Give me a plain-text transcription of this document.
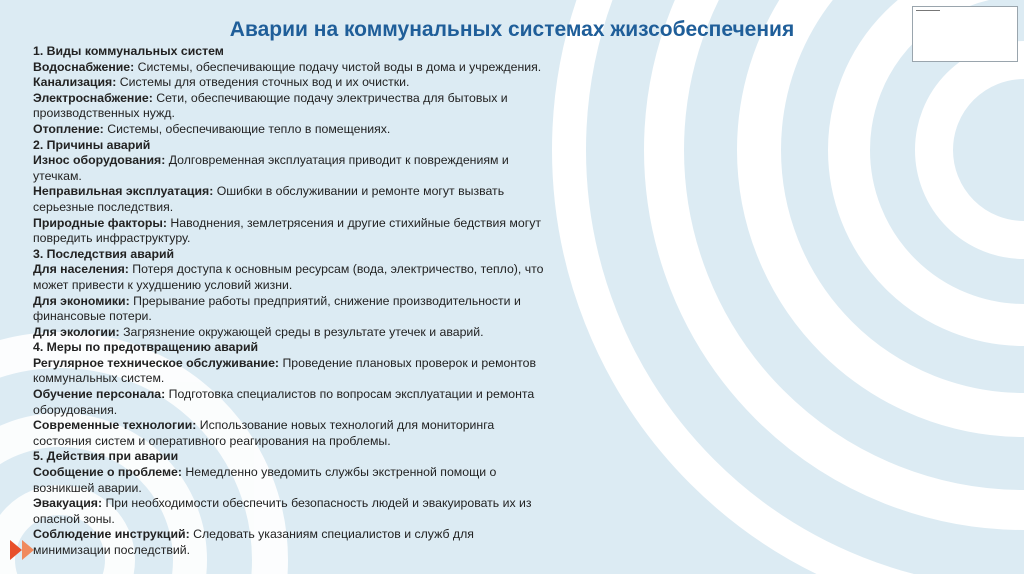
Аварии на коммунальных системах жизсобеспечения

1. Виды коммунальных систем

Водоснабжение: Системы, обеспечивающие подачу чистой воды в дома и учреждения.

Канализация: Системы для отведения сточных вод и их очистки.

Электроснабжение: Сети, обеспечивающие подачу электричества для бытовых и производственных нужд.

Отопление: Системы, обеспечивающие тепло в помещениях.

2. Причины аварий

Износ оборудования: Долговременная эксплуатация приводит к повреждениям и утечкам.

Неправильная эксплуатация: Ошибки в обслуживании и ремонте могут вызвать серьезные последствия.

Природные факторы: Наводнения, землетрясения и другие стихийные бедствия могут повредить инфраструктуру.

3. Последствия аварий

Для населения: Потеря доступа к основным ресурсам (вода, электричество, тепло), что может привести к ухудшению условий жизни.

Для экономики: Прерывание работы предприятий, снижение производительности и финансовые потери.

Для экологии: Загрязнение окружающей среды в результате утечек и аварий.

4. Меры по предотвращению аварий

Регулярное техническое обслуживание: Проведение плановых проверок и ремонтов коммунальных систем.

Обучение персонала: Подготовка специалистов по вопросам эксплуатации и ремонта оборудования.

Современные технологии: Использование новых технологий для мониторинга состояния систем и оперативного реагирования на проблемы.

5. Действия при аварии

Сообщение о проблеме: Немедленно уведомить службы экстренной помощи о возникшей аварии.

Эвакуация: При необходимости обеспечить безопасность людей и эвакуировать их из опасной зоны.

Соблюдение инструкций: Следовать указаниям специалистов и служб для минимизации последствий.
